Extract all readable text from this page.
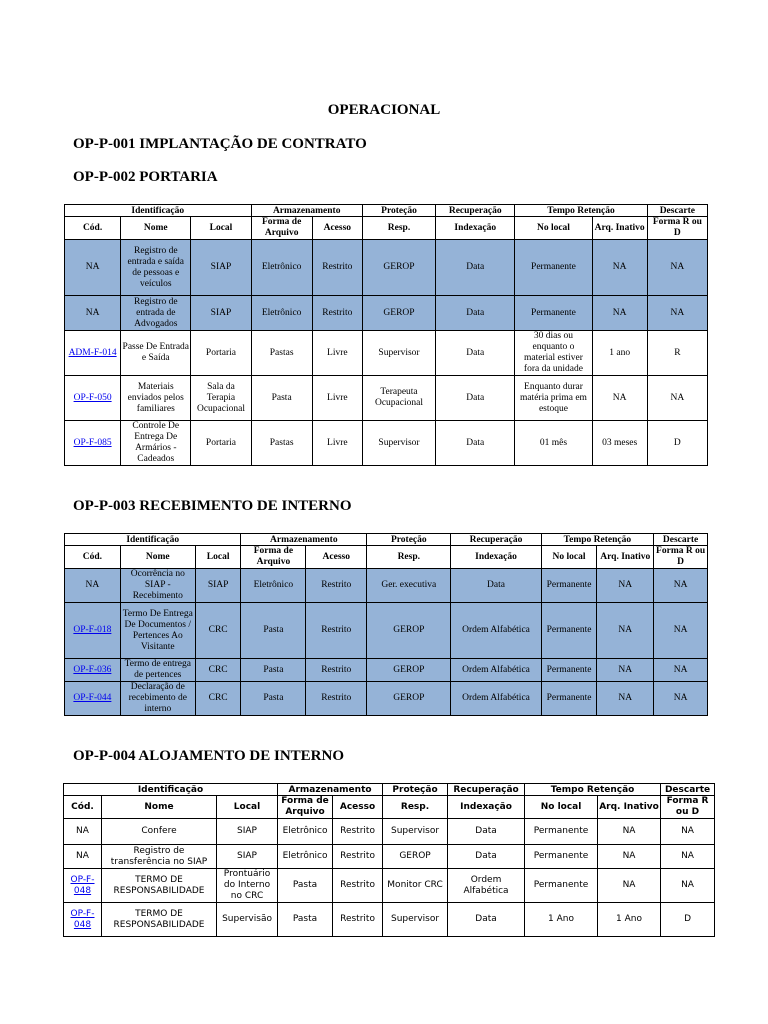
OPERACIONAL
OP-P-001 IMPLANTAÇÃO DE CONTRATO
OP-P-002 PORTARIA
Identificação			Armazenamento		Proteção	Recuperação	Tempo Retenção		Descarte
Cód.	Nome	Local	Forma de Arquivo	Acesso	Resp.	Indexação	No local	Arq. Inativo	Forma R ou D
NA	Registro de entrada e saída de pessoas e veículos	SIAP	Eletrônico	Restrito	GEROP	Data	Permanente	NA	NA
NA	Registro de entrada de Advogados	SIAP	Eletrônico	Restrito	GEROP	Data	Permanente	NA	NA
ADM-F-014	Passe De Entrada e Saída	Portaria	Pastas	Livre	Supervisor	Data	30 dias ou enquanto o material estiver fora da unidade	1 ano	R
OP-F-050	Materiais enviados pelos familiares	Sala da Terapia Ocupacional	Pasta	Livre	Terapeuta Ocupacional	Data	Enquanto durar matéria prima em estoque	NA	NA
OP-F-085	Controle De Entrega De Armários - Cadeados	Portaria	Pastas	Livre	Supervisor	Data	01 mês	03 meses	D
OP-P-003 RECEBIMENTO DE INTERNO
Identificação			Armazenamento		Proteção	Recuperação	Tempo Retenção		Descarte
Cód.	Nome	Local	Forma de Arquivo	Acesso	Resp.	Indexação	No local	Arq. Inativo	Forma R ou D
NA	Ocorrência no SIAP - Recebimento	SIAP	Eletrônico	Restrito	Ger. executiva	Data	Permanente	NA	NA
OP-F-018	Termo De Entrega De Documentos / Pertences Ao Visitante	CRC	Pasta	Restrito	GEROP	Ordem Alfabética	Permanente	NA	NA
OP-F-036	Termo de entrega de pertences	CRC	Pasta	Restrito	GEROP	Ordem Alfabética	Permanente	NA	NA
OP-F-044	Declaração de recebimento de interno	CRC	Pasta	Restrito	GEROP	Ordem Alfabética	Permanente	NA	NA
OP-P-004 ALOJAMENTO DE INTERNO
Identificação			Armazenamento		Proteção	Recuperação	Tempo Retenção		Descarte
Cód.	Nome	Local	Forma de Arquivo	Acesso	Resp.	Indexação	No local	Arq. Inativo	Forma R ou D
NA	Confere	SIAP	Eletrônico	Restrito	Supervisor	Data	Permanente	NA	NA
NA	Registro de transferência no SIAP	SIAP	Eletrônico	Restrito	GEROP	Data	Permanente	NA	NA
OP-F-048	TERMO DE RESPONSABILIDADE	Prontuário do Interno no CRC	Pasta	Restrito	Monitor CRC	Ordem Alfabética	Permanente	NA	NA
OP-F-048	TERMO DE RESPONSABILIDADE	Supervisão	Pasta	Restrito	Supervisor	Data	1 Ano	1 Ano	D
